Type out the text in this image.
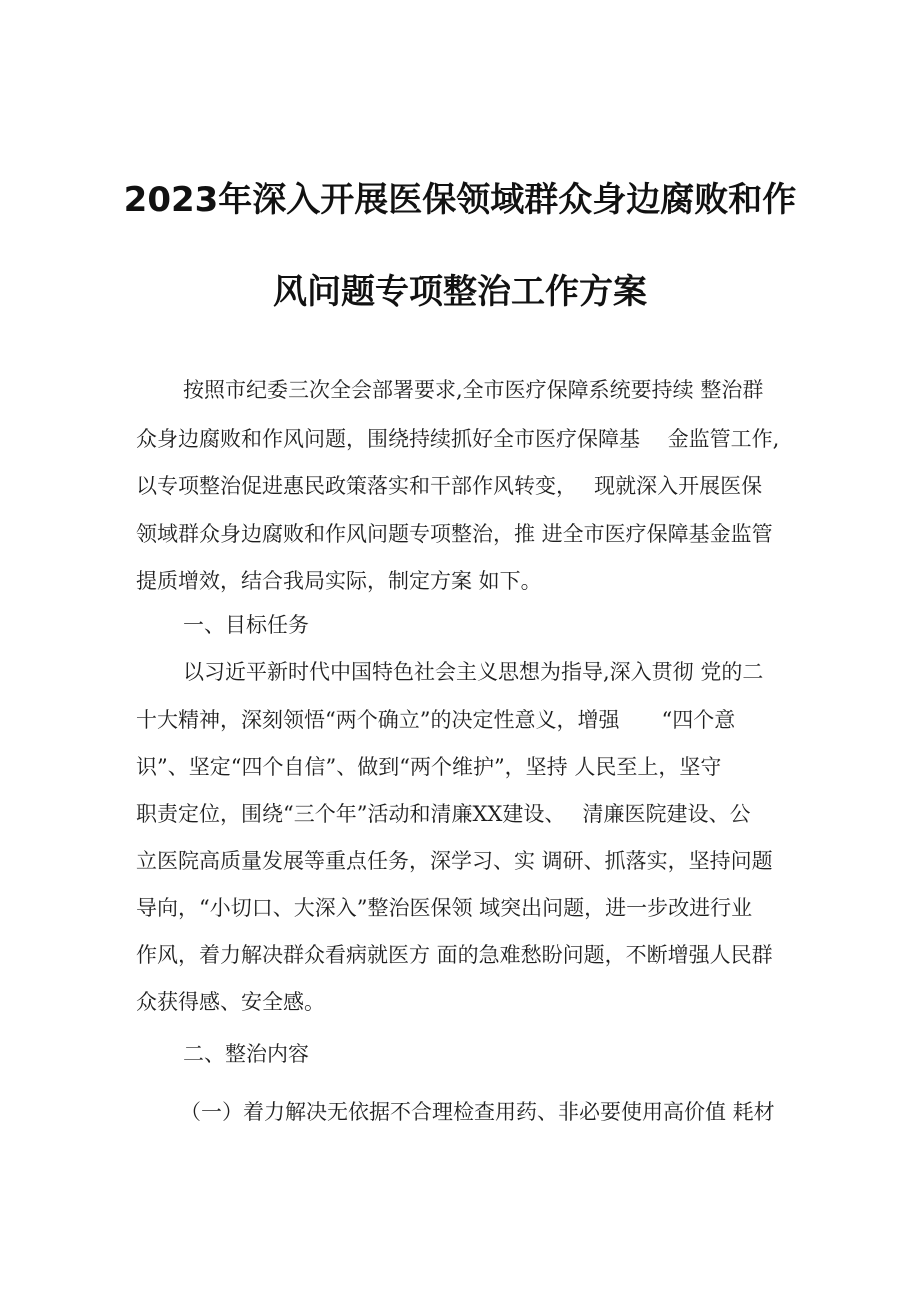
2023年深入开展医保领域群众身边腐败和作
风问题专项整治工作方案
按照市纪委三次全会部署要求,全市医疗保障系统要持续 整治群
众身边腐败和作风问题，围绕持续抓好全市医疗保障基　 金监管工作,
以专项整治促进惠民政策落实和干部作风转变，　 现就深入开展医保
领域群众身边腐败和作风问题专项整治，推 进全市医疗保障基金监管
提质增效，结合我局实际，制定方案 如下。
一、目标任务
以习近平新时代中国特色社会主义思想为指导,深入贯彻 党的二
十大精神，深刻领悟“两个确立”的决定性意义，增强　　“四个意
识”、坚定“四个自信”、做到“两个维护”，坚持 人民至上，坚守
职责定位，围绕“三个年”活动和清廉XX建设、　 清廉医院建设、公
立医院高质量发展等重点任务，深学习、实 调研、抓落实，坚持问题
导向，“小切口、大深入”整治医保领 域突出问题，进一步改进行业
作风，着力解决群众看病就医方 面的急难愁盼问题，不断增强人民群
众获得感、安全感。
二、整治内容
（一）着力解决无依据不合理检查用药、非必要使用高价值 耗材
